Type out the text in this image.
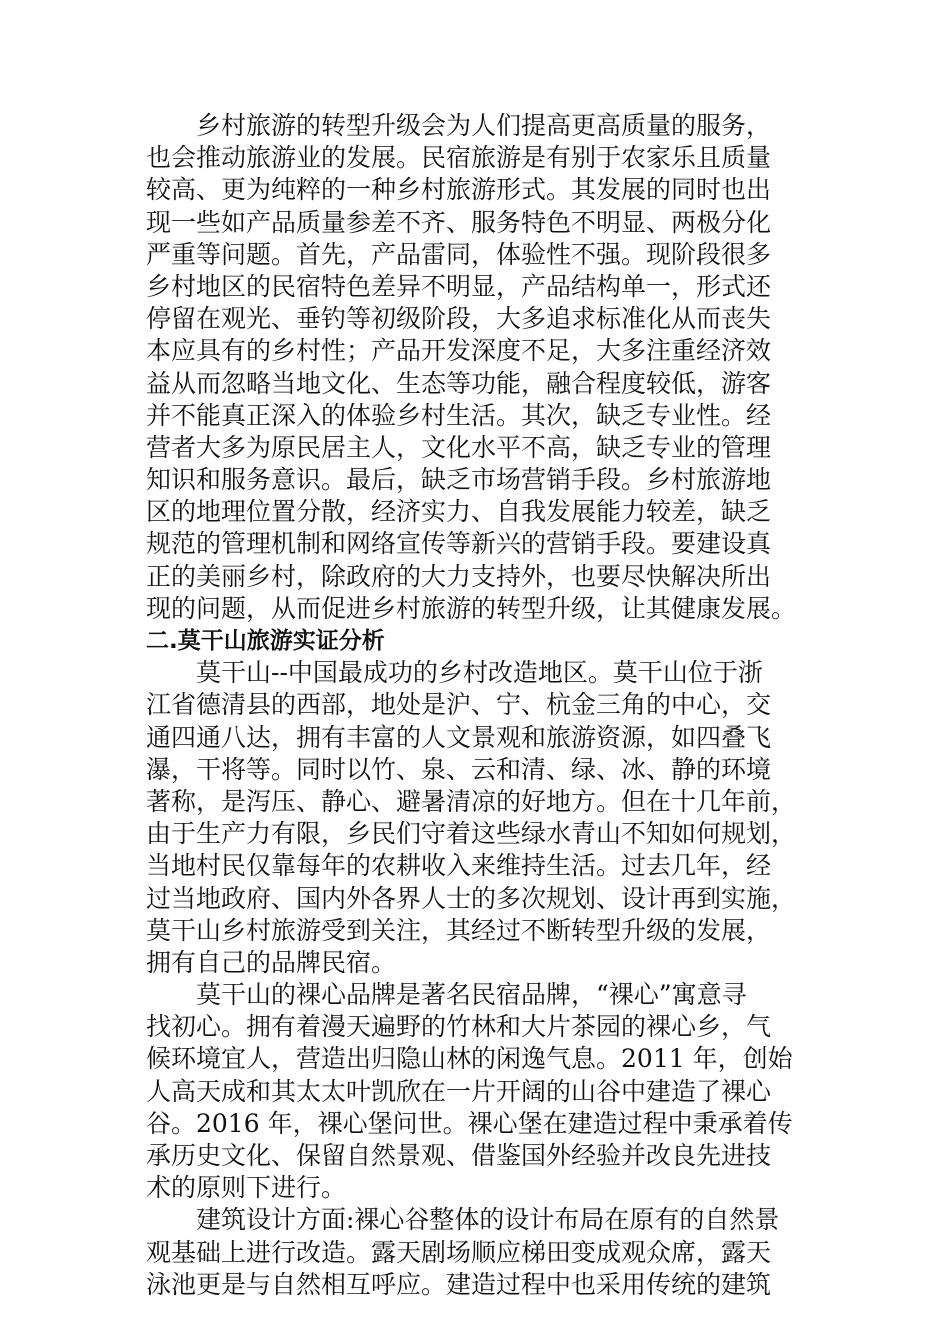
乡村旅游的转型升级会为人们提高更高质量的服务，
也会推动旅游业的发展。民宿旅游是有别于农家乐且质量
较高、更为纯粹的一种乡村旅游形式。其发展的同时也出
现一些如产品质量参差不齐、服务特色不明显、两极分化
严重等问题。首先，产品雷同，体验性不强。现阶段很多
乡村地区的民宿特色差异不明显，产品结构单一，形式还
停留在观光、垂钓等初级阶段，大多追求标准化从而丧失
本应具有的乡村性；产品开发深度不足，大多注重经济效
益从而忽略当地文化、生态等功能，融合程度较低，游客
并不能真正深入的体验乡村生活。其次，缺乏专业性。经
营者大多为原民居主人，文化水平不高，缺乏专业的管理
知识和服务意识。最后，缺乏市场营销手段。乡村旅游地
区的地理位置分散，经济实力、自我发展能力较差，缺乏
规范的管理机制和网络宣传等新兴的营销手段。要建设真
正的美丽乡村，除政府的大力支持外，也要尽快解决所出
现的问题，从而促进乡村旅游的转型升级，让其健康发展。
二.莫干山旅游实证分析
莫干山--中国最成功的乡村改造地区。莫干山位于浙
江省德清县的西部，地处是沪、宁、杭金三角的中心，交
通四通八达，拥有丰富的人文景观和旅游资源，如四叠飞
瀑，干将等。同时以竹、泉、云和清、绿、冰、静的环境
著称，是泻压、静心、避暑清凉的好地方。但在十几年前，
由于生产力有限，乡民们守着这些绿水青山不知如何规划，
当地村民仅靠每年的农耕收入来维持生活。过去几年，经
过当地政府、国内外各界人士的多次规划、设计再到实施，
莫干山乡村旅游受到关注，其经过不断转型升级的发展，
拥有自己的品牌民宿。
莫干山的裸心品牌是著名民宿品牌，“裸心”寓意寻
找初心。拥有着漫天遍野的竹林和大片茶园的裸心乡，气
候环境宜人，营造出归隐山林的闲逸气息。2011 年，创始
人高天成和其太太叶凯欣在一片开阔的山谷中建造了裸心
谷。2016 年，裸心堡问世。裸心堡在建造过程中秉承着传
承历史文化、保留自然景观、借鉴国外经验并改良先进技
术的原则下进行。
建筑设计方面:裸心谷整体的设计布局在原有的自然景
观基础上进行改造。露天剧场顺应梯田变成观众席，露天
泳池更是与自然相互呼应。建造过程中也采用传统的建筑
